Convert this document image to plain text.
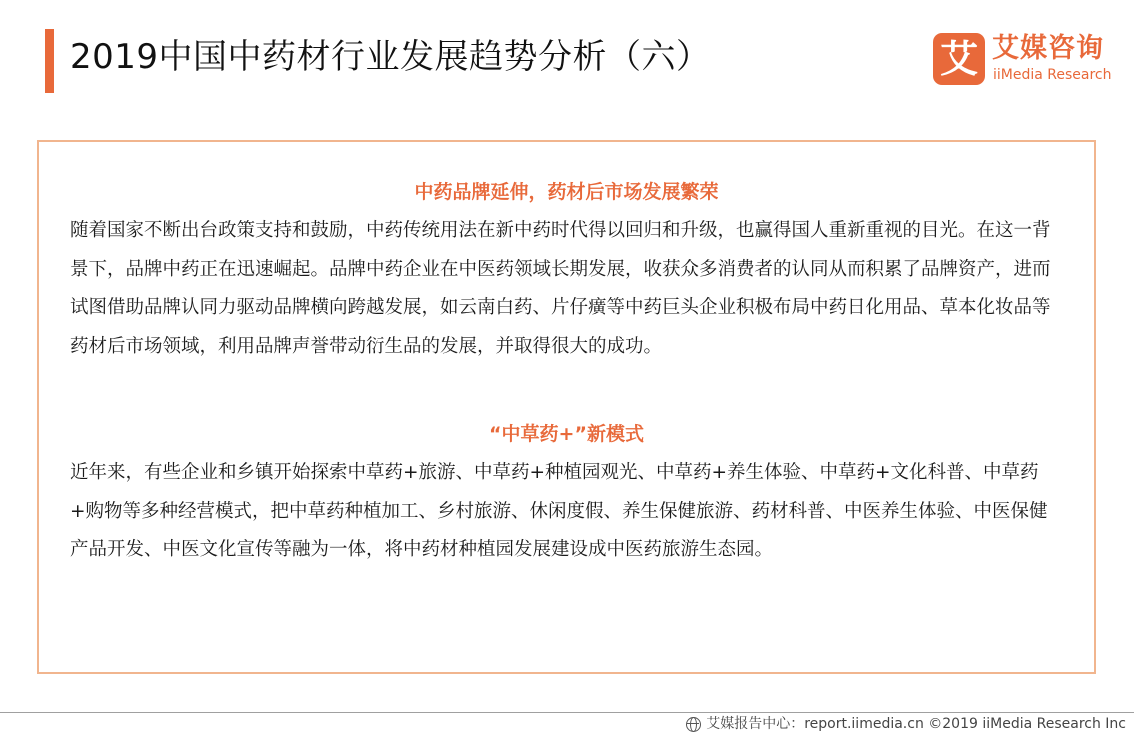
2019中国中药材行业发展趋势分析（六）	艾 艾媒咨询
iiMedia Research
中药品牌延伸，药材后市场发展繁荣
随着国家不断出台政策支持和鼓励，中药传统用法在新中药时代得以回归和升级，也赢得国人重新重视的目光。在这一背景下，品牌中药正在迅速崛起。品牌中药企业在中医药领域长期发展，收获众多消费者的认同从而积累了品牌资产，进而试图借助品牌认同力驱动品牌横向跨越发展，如云南白药、片仔癀等中药巨头企业积极布局中药日化用品、草本化妆品等药材后市场领域，利用品牌声誉带动衍生品的发展，并取得很大的成功。
“中草药+”新模式
近年来，有些企业和乡镇开始探索中草药+旅游、中草药+种植园观光、中草药+养生体验、中草药+文化科普、中草药+购物等多种经营模式，把中草药种植加工、乡村旅游、休闲度假、养生保健旅游、药材科普、中医养生体验、中医保健产品开发、中医文化宣传等融为一体，将中药材种植园发展建设成中医药旅游生态园。
艾媒报告中心：report.iimedia.cn ©2019 iiMedia Research Inc
